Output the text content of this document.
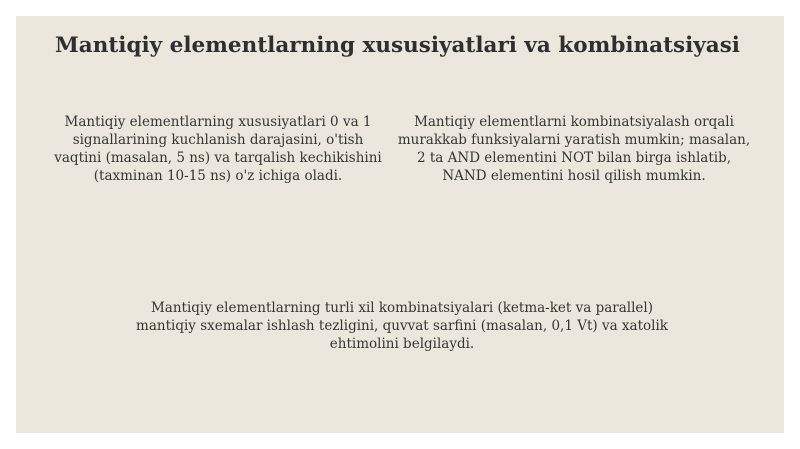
Mantiqiy elementlarning xususiyatlari va kombinatsiyasi

Mantiqiy elementlarning xususiyatlari 0 va 1 signallarining kuchlanish darajasini, o'tish vaqtini (masalan, 5 ns) va tarqalish kechikishini (taxminan 10-15 ns) o'z ichiga oladi.

Mantiqiy elementlarni kombinatsiyalash orqali murakkab funksiyalarni yaratish mumkin; masalan, 2 ta AND elementini NOT bilan birga ishlatib, NAND elementini hosil qilish mumkin.

Mantiqiy elementlarning turli xil kombinatsiyalari (ketma-ket va parallel) mantiqiy sxemalar ishlash tezligini, quvvat sarfini (masalan, 0,1 Vt) va xatolik ehtimolini belgilaydi.
